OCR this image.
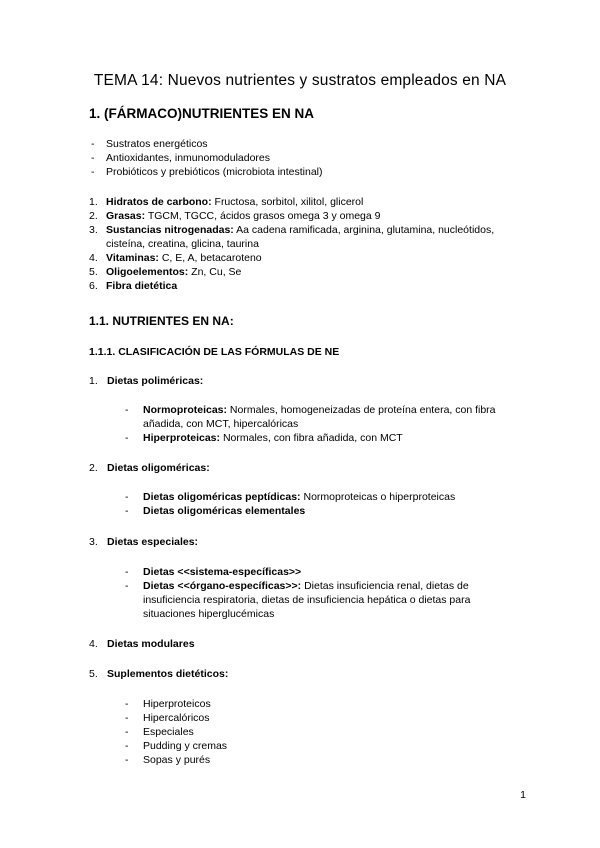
TEMA 14: Nuevos nutrientes y sustratos empleados en NA
1. (FÁRMACO)NUTRIENTES EN NA
- Sustratos energéticos
- Antioxidantes, inmunomoduladores
- Probióticos y prebióticos (microbiota intestinal)
1. Hidratos de carbono: Fructosa, sorbitol, xilitol, glicerol
2. Grasas: TGCM, TGCC, ácidos grasos omega 3 y omega 9
3. Sustancias nitrogenadas: Aa cadena ramificada, arginina, glutamina, nucleótidos, cisteína, creatina, glicina, taurina
4. Vitaminas: C, E, A, betacaroteno
5. Oligoelementos: Zn, Cu, Se
6. Fibra dietética
1.1. NUTRIENTES EN NA:
1.1.1. CLASIFICACIÓN DE LAS FÓRMULAS DE NE
1. Dietas poliméricas:
- Normoproteicas: Normales, homogeneizadas de proteína entera, con fibra añadida, con MCT, hipercalóricas
- Hiperproteicas: Normales, con fibra añadida, con MCT
2. Dietas oligoméricas:
- Dietas oligoméricas peptídicas: Normoproteicas o hiperproteicas
- Dietas oligoméricas elementales
3. Dietas especiales:
- Dietas <<sistema-específicas>>
- Dietas <<órgano-específicas>>: Dietas insuficiencia renal, dietas de insuficiencia respiratoria, dietas de insuficiencia hepática o dietas para situaciones hiperglucémicas
4. Dietas modulares
5. Suplementos dietéticos:
- Hiperproteicos
- Hipercalóricos
- Especiales
- Pudding y cremas
- Sopas y purés
1
